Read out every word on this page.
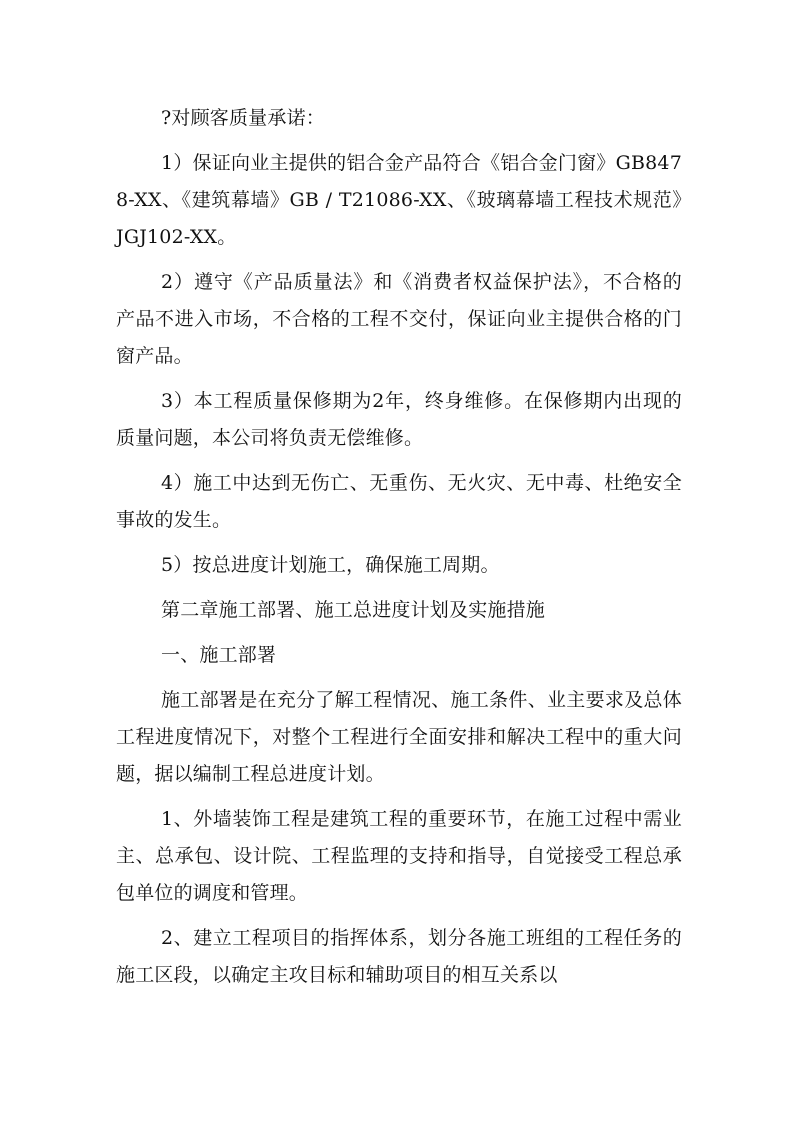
?对顾客质量承诺：

1）保证向业主提供的铝合金产品符合《铝合金门窗》GB8478-XX、《建筑幕墙》GB / T21086-XX、《玻璃幕墙工程技术规范》JGJ102-XX。

2）遵守《产品质量法》和《消费者权益保护法》，不合格的产品不进入市场，不合格的工程不交付，保证向业主提供合格的门窗产品。

3）本工程质量保修期为2年，终身维修。在保修期内出现的质量问题，本公司将负责无偿维修。

4）施工中达到无伤亡、无重伤、无火灾、无中毒、杜绝安全事故的发生。

5）按总进度计划施工，确保施工周期。

第二章施工部署、施工总进度计划及实施措施

一、施工部署

施工部署是在充分了解工程情况、施工条件、业主要求及总体工程进度情况下，对整个工程进行全面安排和解决工程中的重大问题，据以编制工程总进度计划。

1、外墙装饰工程是建筑工程的重要环节，在施工过程中需业主、总承包、设计院、工程监理的支持和指导，自觉接受工程总承包单位的调度和管理。

2、建立工程项目的指挥体系，划分各施工班组的工程任务的施工区段，以确定主攻目标和辅助项目的相互关系以
